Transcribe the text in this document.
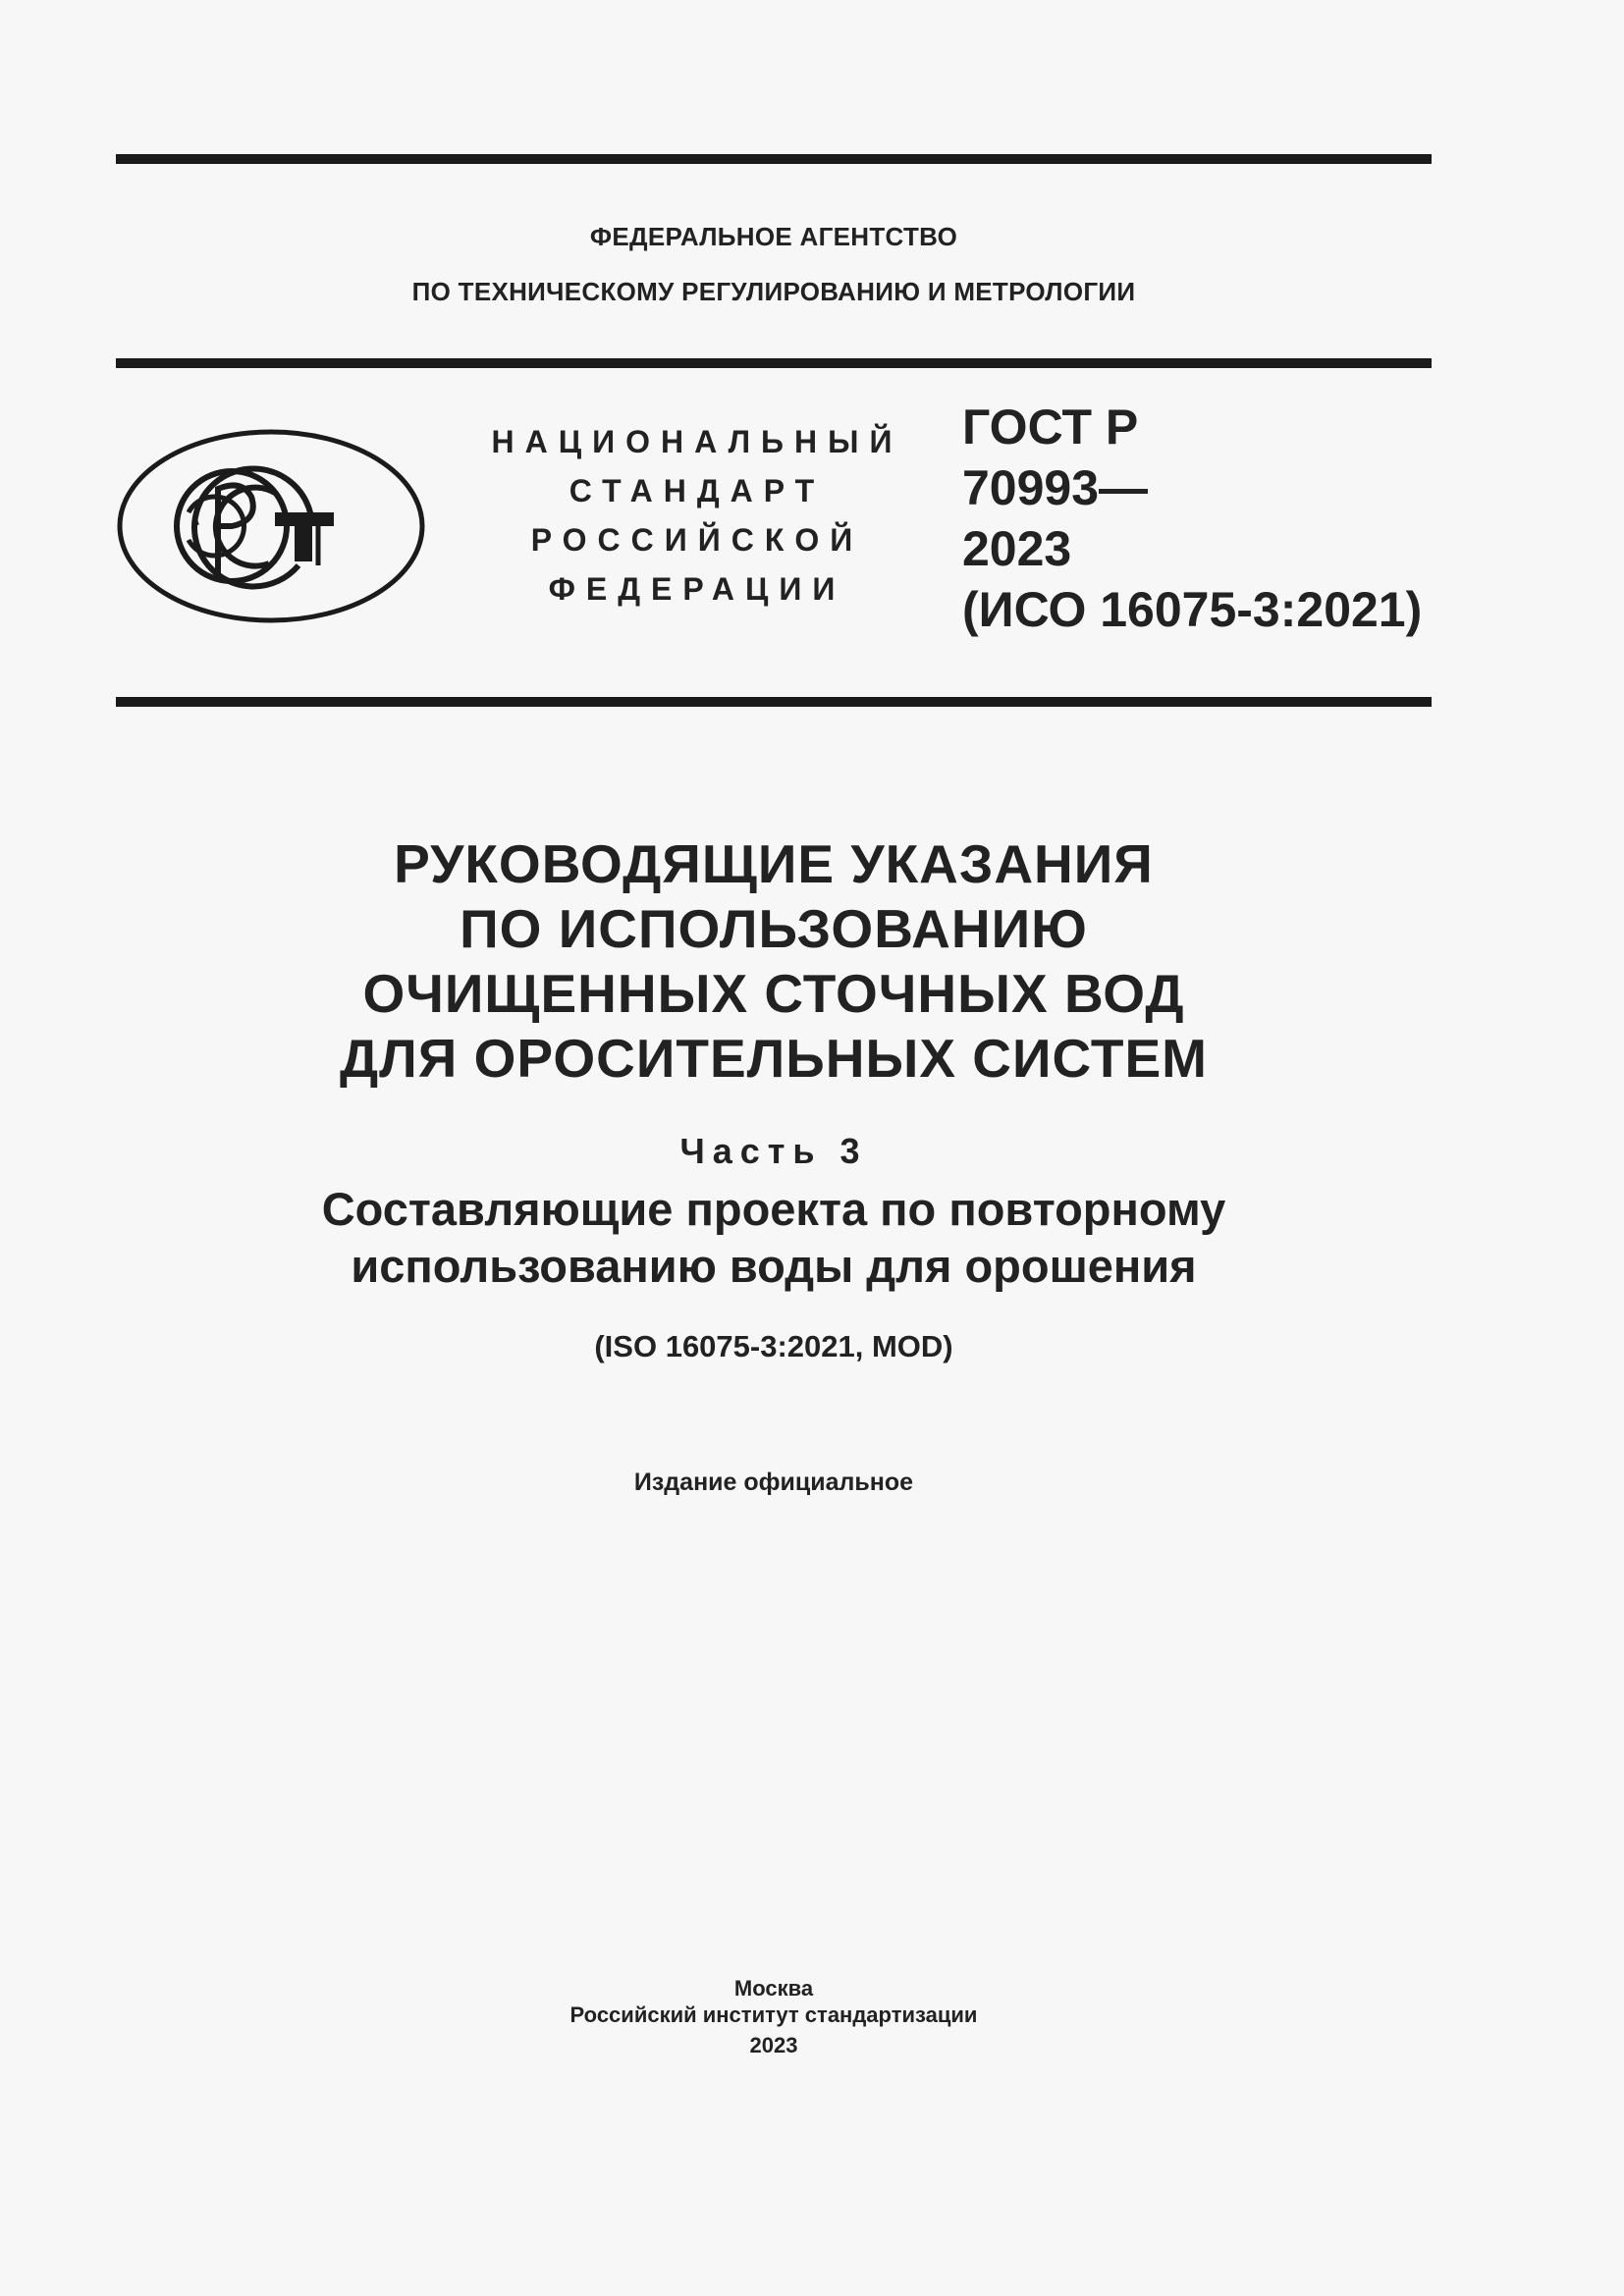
ФЕДЕРАЛЬНОЕ АГЕНТСТВО
ПО ТЕХНИЧЕСКОМУ РЕГУЛИРОВАНИЮ И МЕТРОЛОГИИ
НАЦИОНАЛЬНЫЙ
СТАНДАРТ
РОССИЙСКОЙ
ФЕДЕРАЦИИ
ГОСТ Р
70993—
2023
(ИСО 16075-3:2021)
РУКОВОДЯЩИЕ УКАЗАНИЯ
ПО ИСПОЛЬЗОВАНИЮ
ОЧИЩЕННЫХ СТОЧНЫХ ВОД
ДЛЯ ОРОСИТЕЛЬНЫХ СИСТЕМ
Часть 3
Составляющие проекта по повторному
использованию воды для орошения
(ISO 16075-3:2021, MOD)
Издание официальное
Москва
Российский институт стандартизации
2023
